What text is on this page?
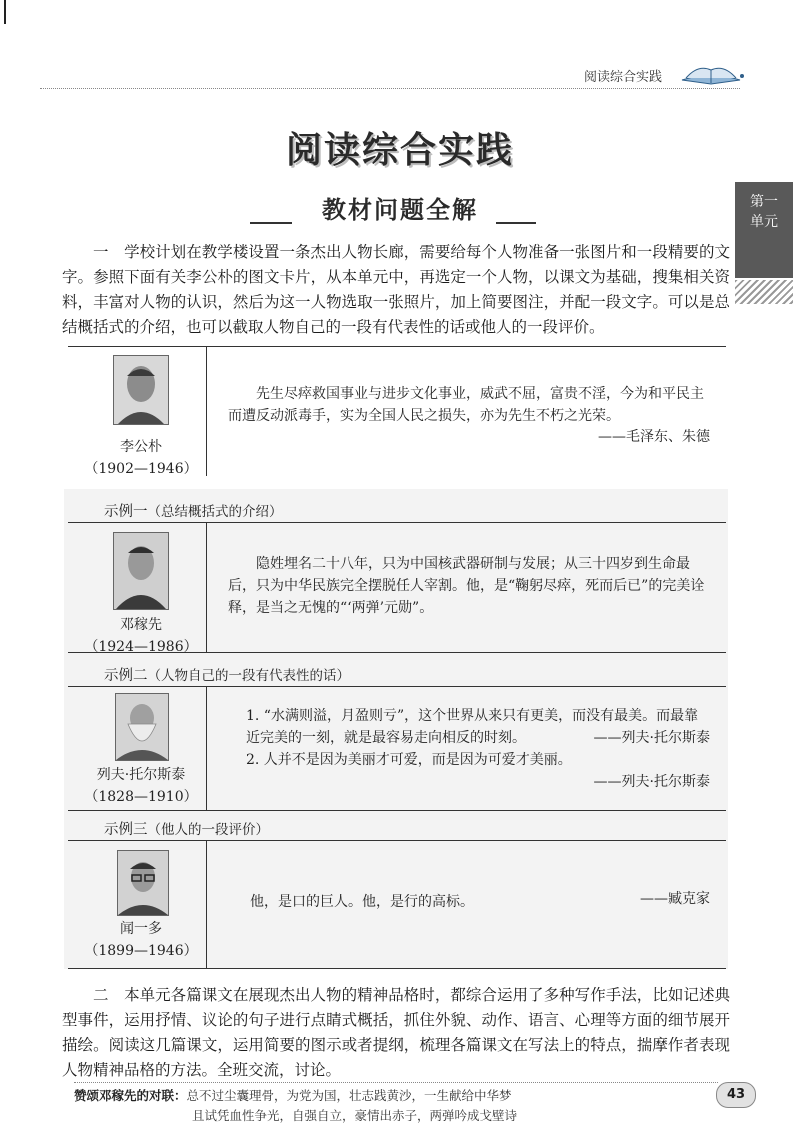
阅读综合实践
第一
单元
阅读综合实践
教材问题全解
一　学校计划在教学楼设置一条杰出人物长廊，需要给每个人物准备一张图片和一段精要的文字。参照下面有关李公朴的图文卡片，从本单元中，再选定一个人物，以课文为基础，搜集相关资料，丰富对人物的认识，然后为这一人物选取一张照片，加上简要图注，并配一段文字。可以是总结概括式的介绍，也可以截取人物自己的一段有代表性的话或他人的一段评价。
李公朴
（1902—1946）
先生尽瘁救国事业与进步文化事业，威武不屈，富贵不淫，今为和平民主而遭反动派毒手，实为全国人民之损失，亦为先生不朽之光荣。
——毛泽东、朱德
示例一（总结概括式的介绍）
邓稼先
（1924—1986）
隐姓埋名二十八年，只为中国核武器研制与发展；从三十四岁到生命最后，只为中华民族完全摆脱任人宰割。他，是“鞠躬尽瘁，死而后已”的完美诠释，是当之无愧的“‘两弹’元勋”。
示例二（人物自己的一段有代表性的话）
列夫·托尔斯泰
（1828—1910）
1. “水满则溢，月盈则亏”，这个世界从来只有更美，而没有最美。而最靠近完美的一刻，就是最容易走向相反的时刻。	——列夫·托尔斯泰
2. 人并不是因为美丽才可爱，而是因为可爱才美丽。
——列夫·托尔斯泰
示例三（他人的一段评价）
闻一多
（1899—1946）
他，是口的巨人。他，是行的高标。	——臧克家
二　本单元各篇课文在展现杰出人物的精神品格时，都综合运用了多种写作手法，比如记述典型事件，运用抒情、议论的句子进行点睛式概括，抓住外貌、动作、语言、心理等方面的细节展开描绘。阅读这几篇课文，运用简要的图示或者提纲，梳理各篇课文在写法上的特点，揣摩作者表现人物精神品格的方法。全班交流，讨论。
赞颂邓稼先的对联：总不过尘囊理骨，为党为国，壮志践黄沙，一生献给中华梦
且试凭血性争光，自强自立，豪情出赤子，两弹吟成戈壁诗
43
